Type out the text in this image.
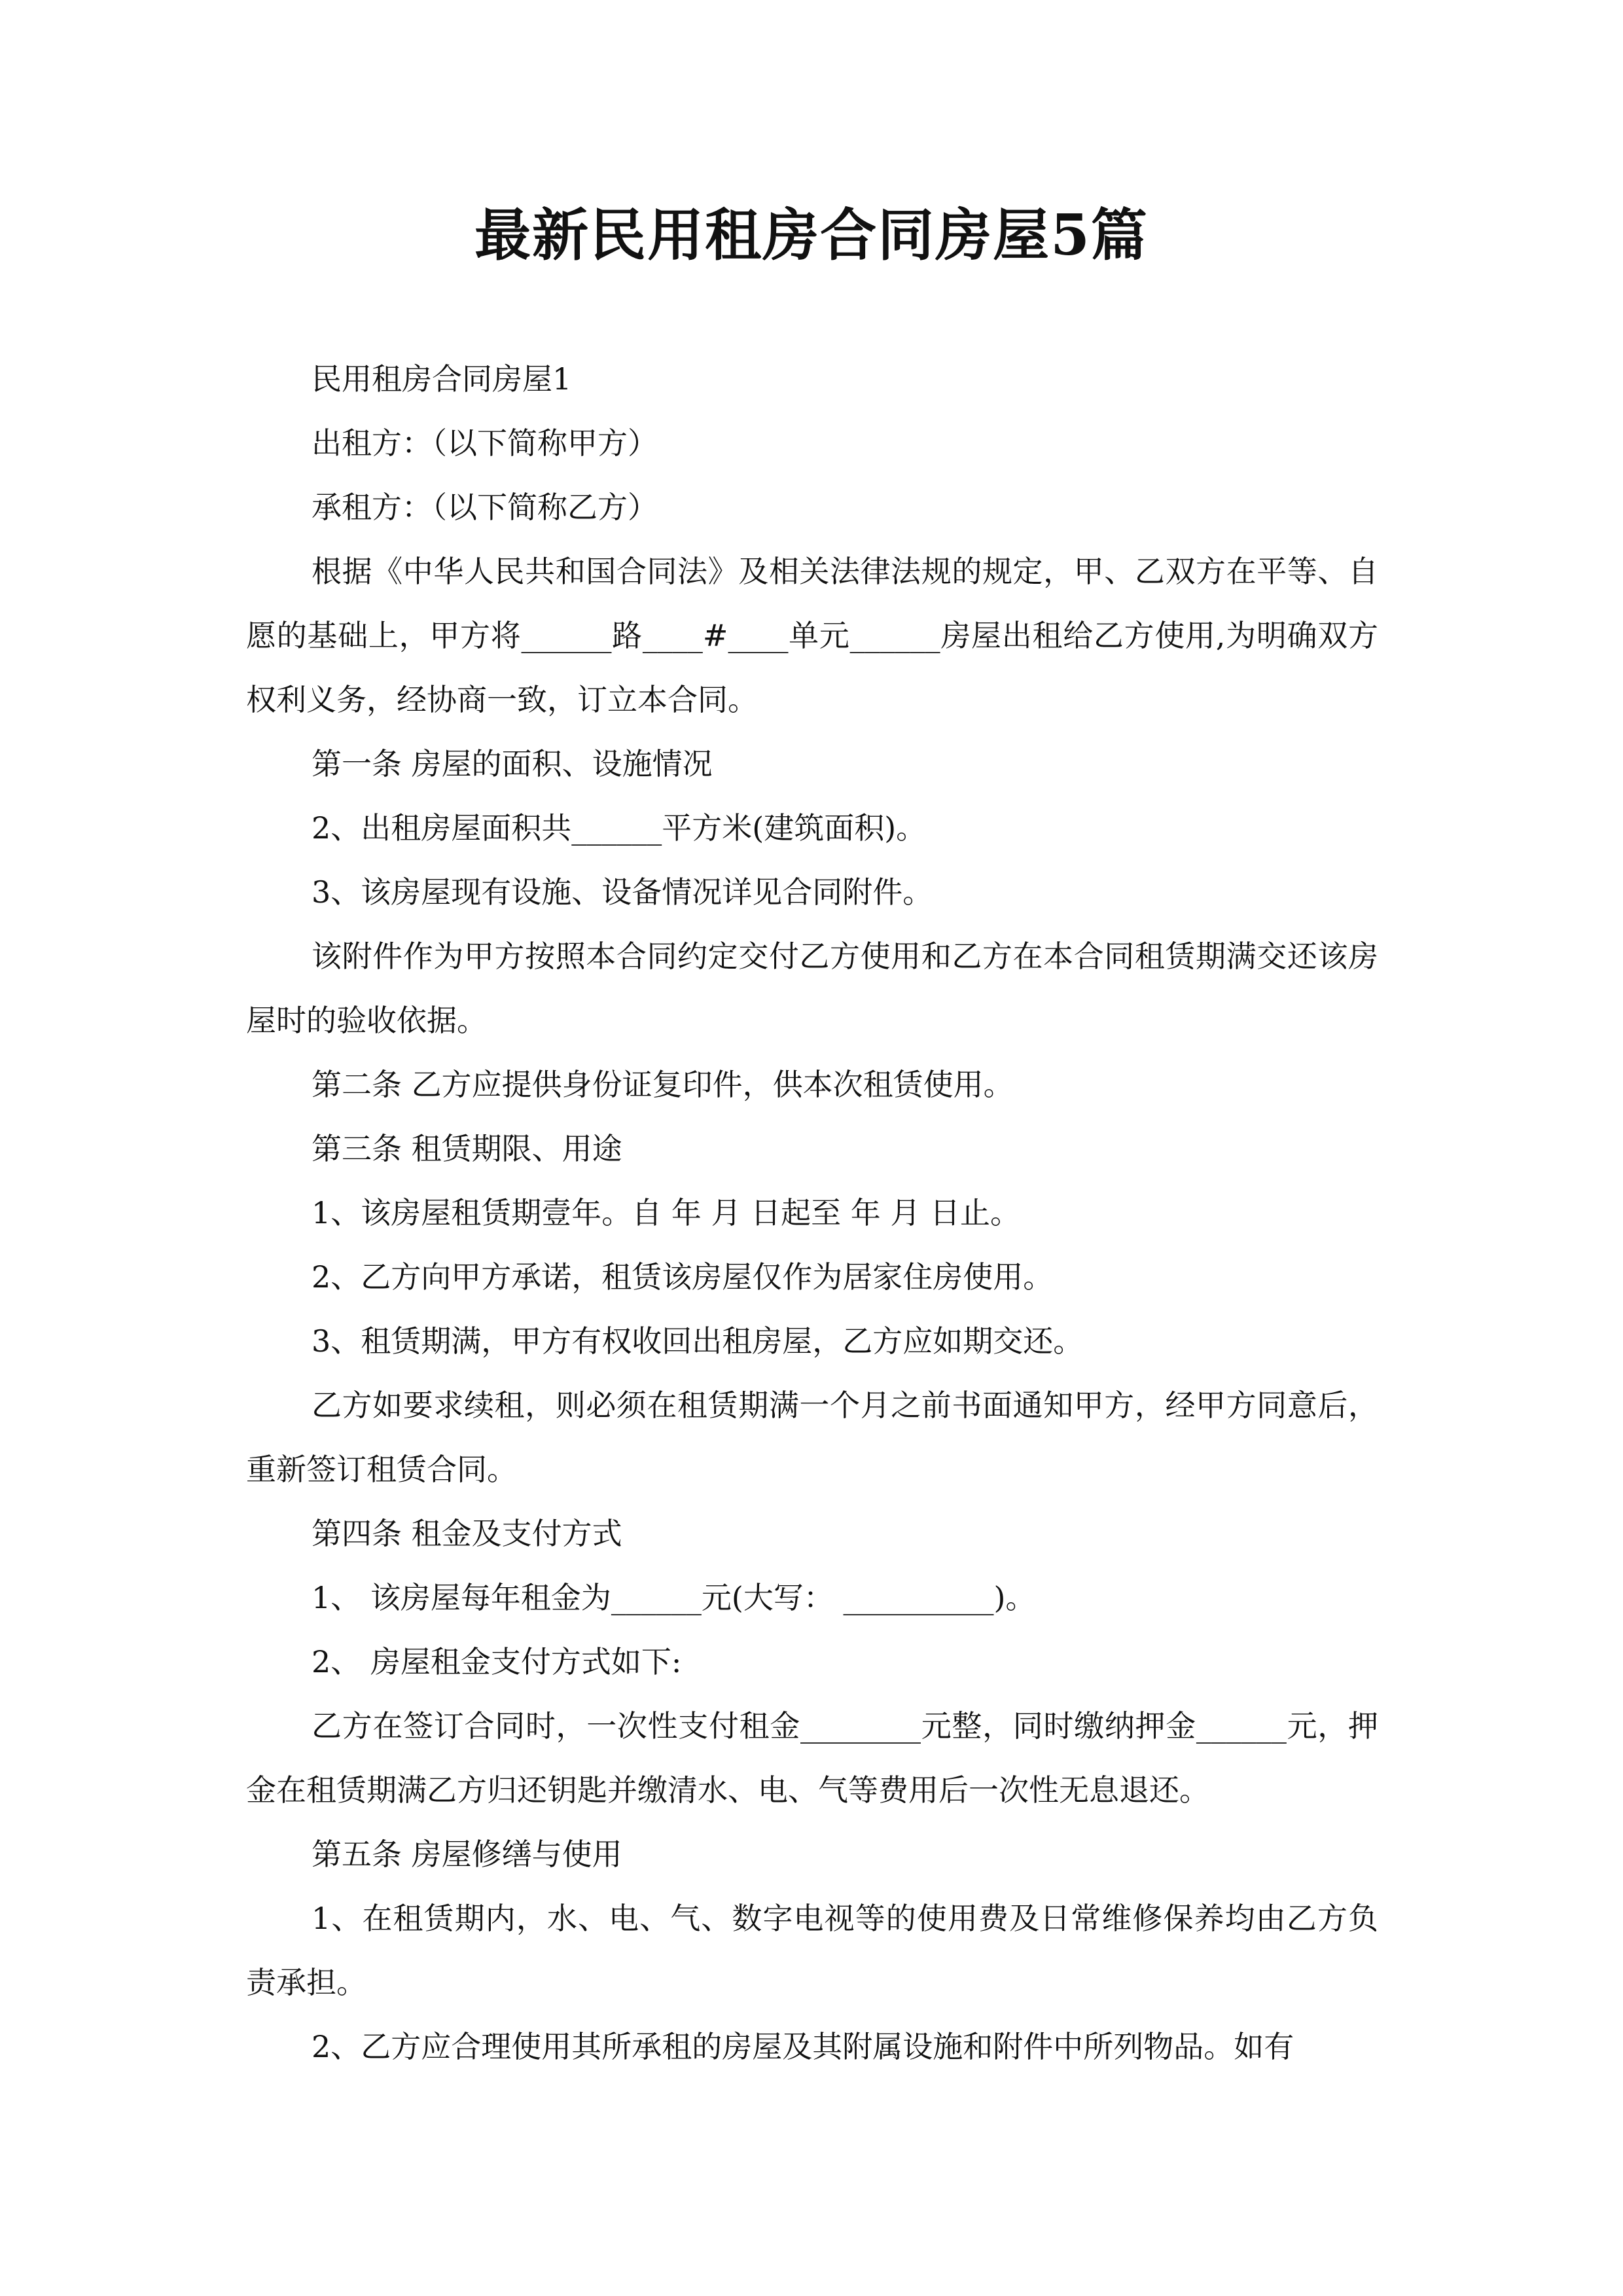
最新民用租房合同房屋5篇

民用租房合同房屋1

出租方：（以下简称甲方）

承租方：（以下简称乙方）

根据《中华人民共和国合同法》及相关法律法规的规定，甲、乙双方在平等、自愿的基础上，甲方将______路____#____单元______房屋出租给乙方使用,为明确双方权利义务，经协商一致，订立本合同。

第一条 房屋的面积、设施情况

2、出租房屋面积共______平方米(建筑面积)。

3、该房屋现有设施、设备情况详见合同附件。

该附件作为甲方按照本合同约定交付乙方使用和乙方在本合同租赁期满交还该房屋时的验收依据。

第二条 乙方应提供身份证复印件，供本次租赁使用。

第三条 租赁期限、用途

1、该房屋租赁期壹年。自 年 月 日起至 年 月 日止。

2、乙方向甲方承诺，租赁该房屋仅作为居家住房使用。

3、租赁期满，甲方有权收回出租房屋，乙方应如期交还。

乙方如要求续租，则必须在租赁期满一个月之前书面通知甲方，经甲方同意后，重新签订租赁合同。

第四条 租金及支付方式

1、 该房屋每年租金为______元(大写： __________)。

2、 房屋租金支付方式如下:

乙方在签订合同时，一次性支付租金________元整，同时缴纳押金______元，押金在租赁期满乙方归还钥匙并缴清水、电、气等费用后一次性无息退还。

第五条 房屋修缮与使用

1、在租赁期内，水、电、气、数字电视等的使用费及日常维修保养均由乙方负责承担。

2、乙方应合理使用其所承租的房屋及其附属设施和附件中所列物品。如有
